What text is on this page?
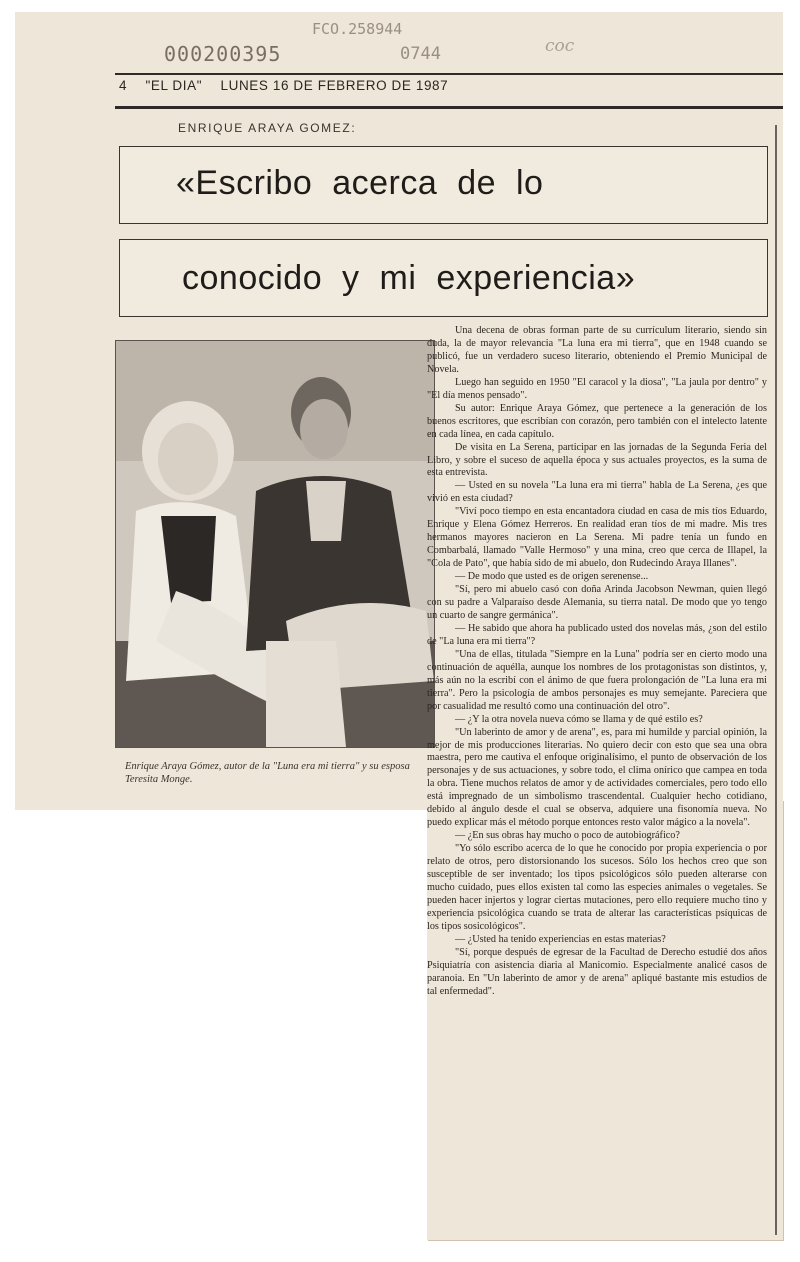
000200395
FCO.258944
0744	coc
4 "EL DIA" LUNES 16 DE FEBRERO DE 1987
ENRIQUE ARAYA GOMEZ:
«Escribo acerca de lo
conocido y mi experiencia»
Enrique Araya Gómez, autor de la "Luna era mi tierra" y su esposa Teresita Monge.

Una decena de obras forman parte de su currículum literario, siendo sin duda, la de mayor relevancia "La luna era mi tierra", que en 1948 cuando se publicó, fue un verdadero suceso literario, obteniendo el Premio Municipal de Novela.

Luego han seguido en 1950 "El caracol y la diosa", "La jaula por dentro" y "El día menos pensado".

Su autor: Enrique Araya Gómez, que pertenece a la generación de los buenos escritores, que escribían con corazón, pero también con el intelecto latente en cada línea, en cada capítulo.

De visita en La Serena, participar en las jornadas de la Segunda Feria del Libro, y sobre el suceso de aquella época y sus actuales proyectos, es la suma de esta entrevista.

— Usted en su novela "La luna era mi tierra" habla de La Serena, ¿es que vivió en esta ciudad?

"Viví poco tiempo en esta encantadora ciudad en casa de mis tíos Eduardo, Enrique y Elena Gómez Herreros. En realidad eran tíos de mi madre. Mis tres hermanos mayores nacieron en La Serena. Mi padre tenía un fundo en Combarbalá, llamado "Valle Hermoso" y una mina, creo que cerca de Illapel, la "Cola de Pato", que había sido de mi abuelo, don Rudecindo Araya Illanes".

— De modo que usted es de origen serenense...

"Sí, pero mi abuelo casó con doña Arinda Jacobson Newman, quien llegó con su padre a Valparaíso desde Alemania, su tierra natal. De modo que yo tengo un cuarto de sangre germánica".

— He sabido que ahora ha publicado usted dos novelas más, ¿son del estilo de "La luna era mi tierra"?

"Una de ellas, titulada "Siempre en la Luna" podría ser en cierto modo una continuación de aquélla, aunque los nombres de los protagonistas son distintos, y, más aún no la escribí con el ánimo de que fuera prolongación de "La luna era mi tierra". Pero la psicología de ambos personajes es muy semejante. Pareciera que por casualidad me resultó como una continuación del otro".

— ¿Y la otra novela nueva cómo se llama y de qué estilo es?

"Un laberinto de amor y de arena", es, para mi humilde y parcial opinión, la mejor de mis producciones literarias. No quiero decir con esto que sea una obra maestra, pero me cautiva el enfoque originalísimo, el punto de observación de los personajes y de sus actuaciones, y sobre todo, el clima onírico que campea en toda la obra. Tiene muchos relatos de amor y de actividades comerciales, pero todo ello está impregnado de un simbolismo trascendental. Cualquier hecho cotidiano, debido al ángulo desde el cual se observa, adquiere una fisonomía nueva. No puedo explicar más el método porque entonces resto valor mágico a la novela".

— ¿En sus obras hay mucho o poco de autobiográfico?

"Yo sólo escribo acerca de lo que he conocido por propia experiencia o por relato de otros, pero distorsionando los sucesos. Sólo los hechos creo que son susceptible de ser inventado; los tipos psicológicos sólo pueden alterarse con mucho cuidado, pues ellos existen tal como las especies animales o vegetales. Se pueden hacer injertos y lograr ciertas mutaciones, pero ello requiere mucho tino y experiencia psicológica cuando se trata de alterar las características psíquicas de los tipos sosicológicos".

— ¿Usted ha tenido experiencias en estas materias?

"Sí, porque después de egresar de la Facultad de Derecho estudié dos años Psiquiatría con asistencia diaria al Manicomio. Especialmente analicé casos de paranoia. En "Un laberinto de amor y de arena" apliqué bastante mis estudios de tal enfermedad".
